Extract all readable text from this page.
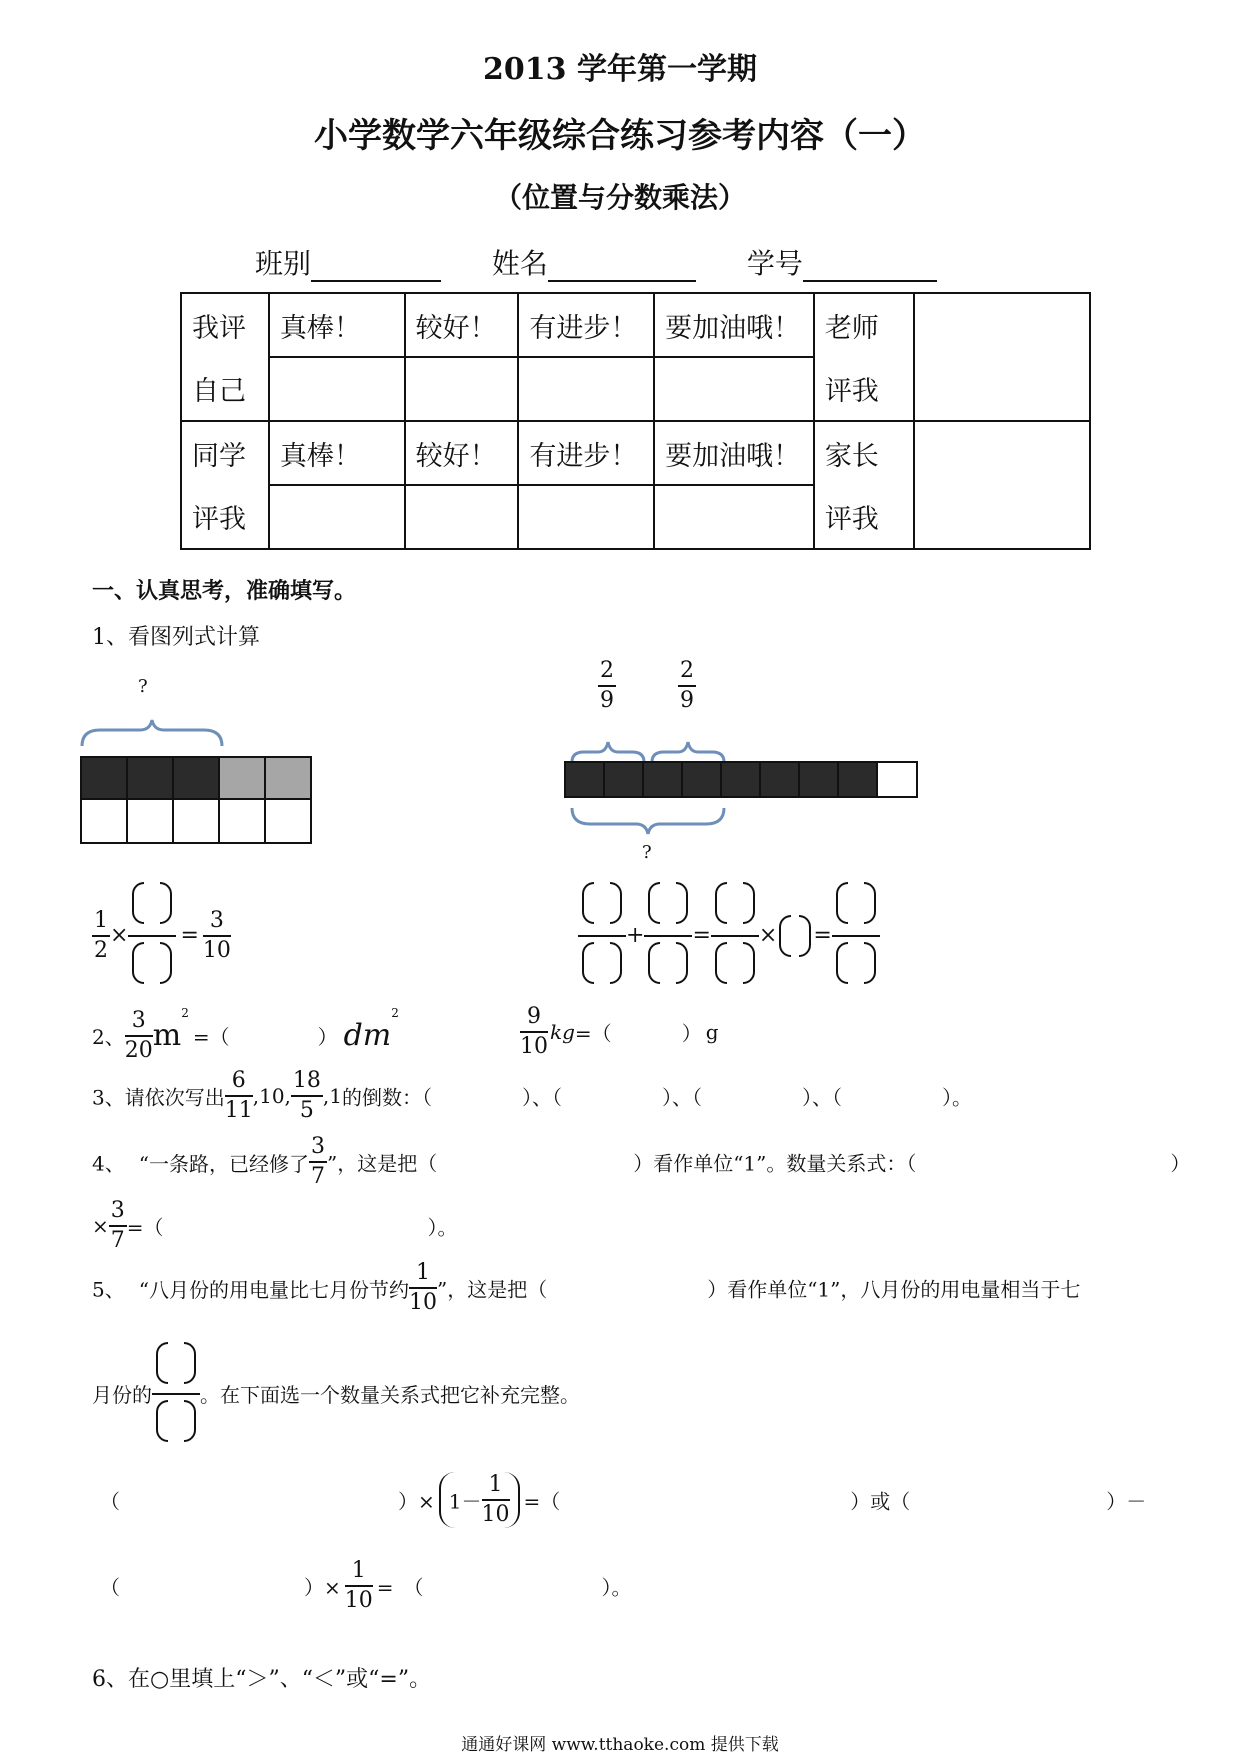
2013 学年第一学期
小学数学六年级综合练习参考内容（一）
（位置与分数乘法）
班别	姓名	学号
我评	真棒！	较好！	有进步！	要加油哦！	老师	
自己					评我	
同学	真棒！	较好！	有进步！	要加油哦！	家长	
评我					评我	
一、认真思考，准确填写。
1、看图列式计算
?	$\frac{2}{9}$	$\frac{2}{9}$
?
$\frac{1}{2}$ × = $\frac{3}{10}$	+ = × =
2、 $\frac{3}{20} m^2=$（	） $dm^2$	$\frac{9}{10} kg=$（	） g
3、请依次写出 $\frac{6}{11} ,10$, $\frac{18}{5} ,1$的倒数：（	）、（　　　　　）、（　　　　　）、（　　　　　）。
4、 “一条路，已经修了 $\frac{3}{7}$ ”，这是把（	）看作单位“1”。数量关系式：（	）
× $\frac{3}{7}$ =（	）。
5、 “八月份的用电量比七月份节约 $\frac{1}{10}$ ”，这是把（	）看作单位“1”，八月份的用电量相当于七
月份的 。在下面选一个数量关系式把它补充完整。
（	）× $1- \frac{1}{10}$ =（	）或（	）－
（	）× $\frac{1}{10}$ =　（	）。
6、在○里填上“＞”、“＜”或“=”。
通通好课网 www.tthaoke.com 提供下载
